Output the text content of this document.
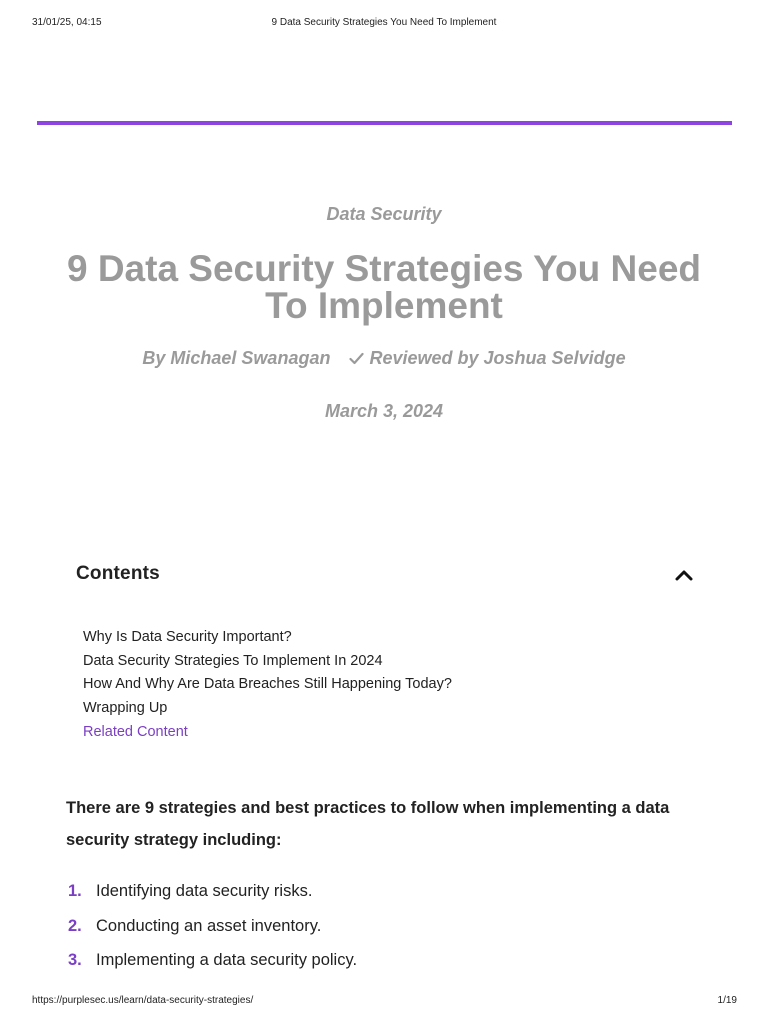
31/01/25, 04:15	9 Data Security Strategies You Need To Implement
Data Security
9 Data Security Strategies You Need To Implement
By Michael Swanagan Reviewed by Joshua Selvidge
March 3, 2024
Contents
Why Is Data Security Important?
Data Security Strategies To Implement In 2024
How And Why Are Data Breaches Still Happening Today?
Wrapping Up
Related Content

There are 9 strategies and best practices to follow when implementing a data security strategy including:

1. Identifying data security risks.
2. Conducting an asset inventory.
3. Implementing a data security policy.
https://purplesec.us/learn/data-security-strategies/	1/19
